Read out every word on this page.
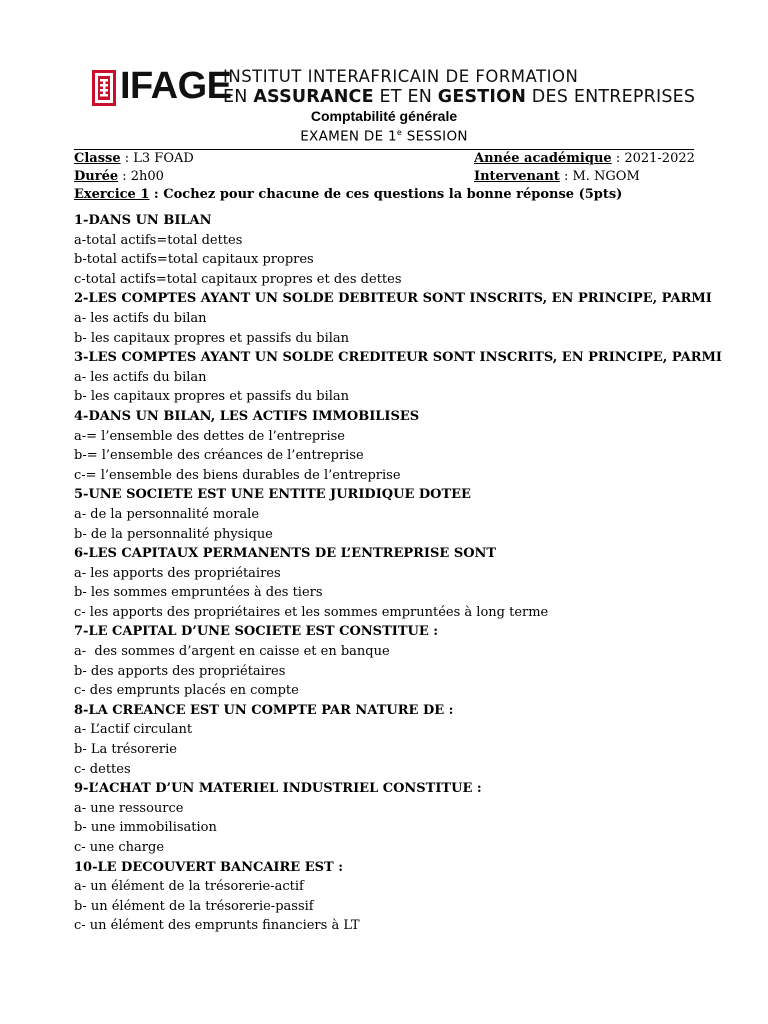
IFAGE
INSTITUT INTERAFRICAIN DE FORMATION
EN ASSURANCE ET EN GESTION DES ENTREPRISES
Comptabilité générale
EXAMEN DE 1e SESSION
Classe : L3 FOAD	Année académique : 2021-2022
Durée : 2h00	Intervenant : M. NGOM
Exercice 1 : Cochez pour chacune de ces questions la bonne réponse (5pts)
1-DANS UN BILAN
a-total actifs=total dettes
b-total actifs=total capitaux propres
c-total actifs=total capitaux propres et des dettes
2-LES COMPTES AYANT UN SOLDE DEBITEUR SONT INSCRITS, EN PRINCIPE, PARMI
a- les actifs du bilan
b- les capitaux propres et passifs du bilan
3-LES COMPTES AYANT UN SOLDE CREDITEUR SONT INSCRITS, EN PRINCIPE, PARMI
a- les actifs du bilan
b- les capitaux propres et passifs du bilan
4-DANS UN BILAN, LES ACTIFS IMMOBILISES
a-= l’ensemble des dettes de l’entreprise
b-= l’ensemble des créances de l’entreprise
c-= l’ensemble des biens durables de l’entreprise
5-UNE SOCIETE EST UNE ENTITE JURIDIQUE DOTEE
a- de la personnalité morale
b- de la personnalité physique
6-LES CAPITAUX PERMANENTS DE L’ENTREPRISE SONT
a- les apports des propriétaires
b- les sommes empruntées à des tiers
c- les apports des propriétaires et les sommes empruntées à long terme
7-LE CAPITAL D’UNE SOCIETE EST CONSTITUE :
a-  des sommes d’argent en caisse et en banque
b- des apports des propriétaires
c- des emprunts placés en compte
8-LA CREANCE EST UN COMPTE PAR NATURE DE :
a- L’actif circulant
b- La trésorerie
c- dettes
9-L’ACHAT D’UN MATERIEL INDUSTRIEL CONSTITUE :
a- une ressource
b- une immobilisation
c- une charge
10-LE DECOUVERT BANCAIRE EST :
a- un élément de la trésorerie-actif
b- un élément de la trésorerie-passif
c- un élément des emprunts financiers à LT
